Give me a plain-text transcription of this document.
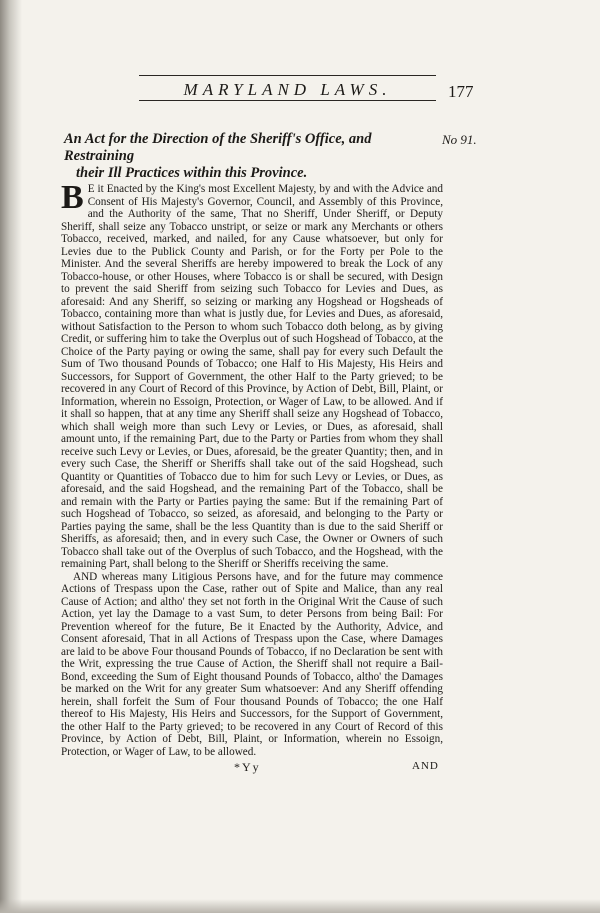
MARYLAND LAWS.	177
An Act for the Direction of the Sheriff's Office, and Restraining
their Ill Practices within this Province.
No 91.

B E it Enacted by the King's most Excellent Majesty, by and with the Advice and Consent of His Majesty's Governor, Council, and Assembly of this Province, and the Authority of the same, That no Sheriff, Under Sheriff, or Deputy Sheriff, shall seize any Tobacco unstript, or seize or mark any Merchants or others Tobacco, received, marked, and nailed, for any Cause whatsoever, but only for Levies due to the Publick County and Parish, or for the Forty per Pole to the Minister. And the several Sheriffs are hereby impowered to break the Lock of any Tobacco-house, or other Houses, where Tobacco is or shall be secured, with Design to prevent the said Sheriff from seizing such Tobacco for Levies and Dues, as aforesaid: And any Sheriff, so seizing or marking any Hogshead or Hogsheads of Tobacco, containing more than what is justly due, for Levies and Dues, as aforesaid, without Satisfaction to the Person to whom such Tobacco doth belong, as by giving Credit, or suffering him to take the Overplus out of such Hogshead of Tobacco, at the Choice of the Party paying or owing the same, shall pay for every such Default the Sum of Two thousand Pounds of Tobacco; one Half to His Majesty, His Heirs and Successors, for Support of Government, the other Half to the Party grieved; to be recovered in any Court of Record of this Province, by Action of Debt, Bill, Plaint, or Information, wherein no Essoign, Protection, or Wager of Law, to be allowed. And if it shall so happen, that at any time any Sheriff shall seize any Hogshead of Tobacco, which shall weigh more than such Levy or Levies, or Dues, as aforesaid, shall amount unto, if the remaining Part, due to the Party or Parties from whom they shall receive such Levy or Levies, or Dues, aforesaid, be the greater Quantity; then, and in every such Case, the Sheriff or Sheriffs shall take out of the said Hogshead, such Quantity or Quantities of Tobacco due to him for such Levy or Levies, or Dues, as aforesaid, and the said Hogshead, and the remaining Part of the Tobacco, shall be and remain with the Party or Parties paying the same: But if the remaining Part of such Hogshead of Tobacco, so seized, as aforesaid, and belonging to the Party or Parties paying the same, shall be the less Quantity than is due to the said Sheriff or Sheriffs, as aforesaid; then, and in every such Case, the Owner or Owners of such Tobacco shall take out of the Overplus of such Tobacco, and the Hogshead, with the remaining Part, shall belong to the Sheriff or Sheriffs receiving the same.

AND whereas many Litigious Persons have, and for the future may commence Actions of Trespass upon the Case, rather out of Spite and Malice, than any real Cause of Action; and altho' they set not forth in the Original Writ the Cause of such Action, yet lay the Damage to a vast Sum, to deter Persons from being Bail: For Prevention whereof for the future, Be it Enacted by the Authority, Advice, and Consent aforesaid, That in all Actions of Trespass upon the Case, where Damages are laid to be above Four thousand Pounds of Tobacco, if no Declaration be sent with the Writ, expressing the true Cause of Action, the Sheriff shall not require a Bail-Bond, exceeding the Sum of Eight thousand Pounds of Tobacco, altho' the Damages be marked on the Writ for any greater Sum whatsoever: And any Sheriff offending herein, shall forfeit the Sum of Four thousand Pounds of Tobacco; the one Half thereof to His Majesty, His Heirs and Successors, for the Support of Government, the other Half to the Party grieved; to be recovered in any Court of Record of this Province, by Action of Debt, Bill, Plaint, or Information, wherein no Essoign, Protection, or Wager of Law, to be allowed.

*Yy	AND
